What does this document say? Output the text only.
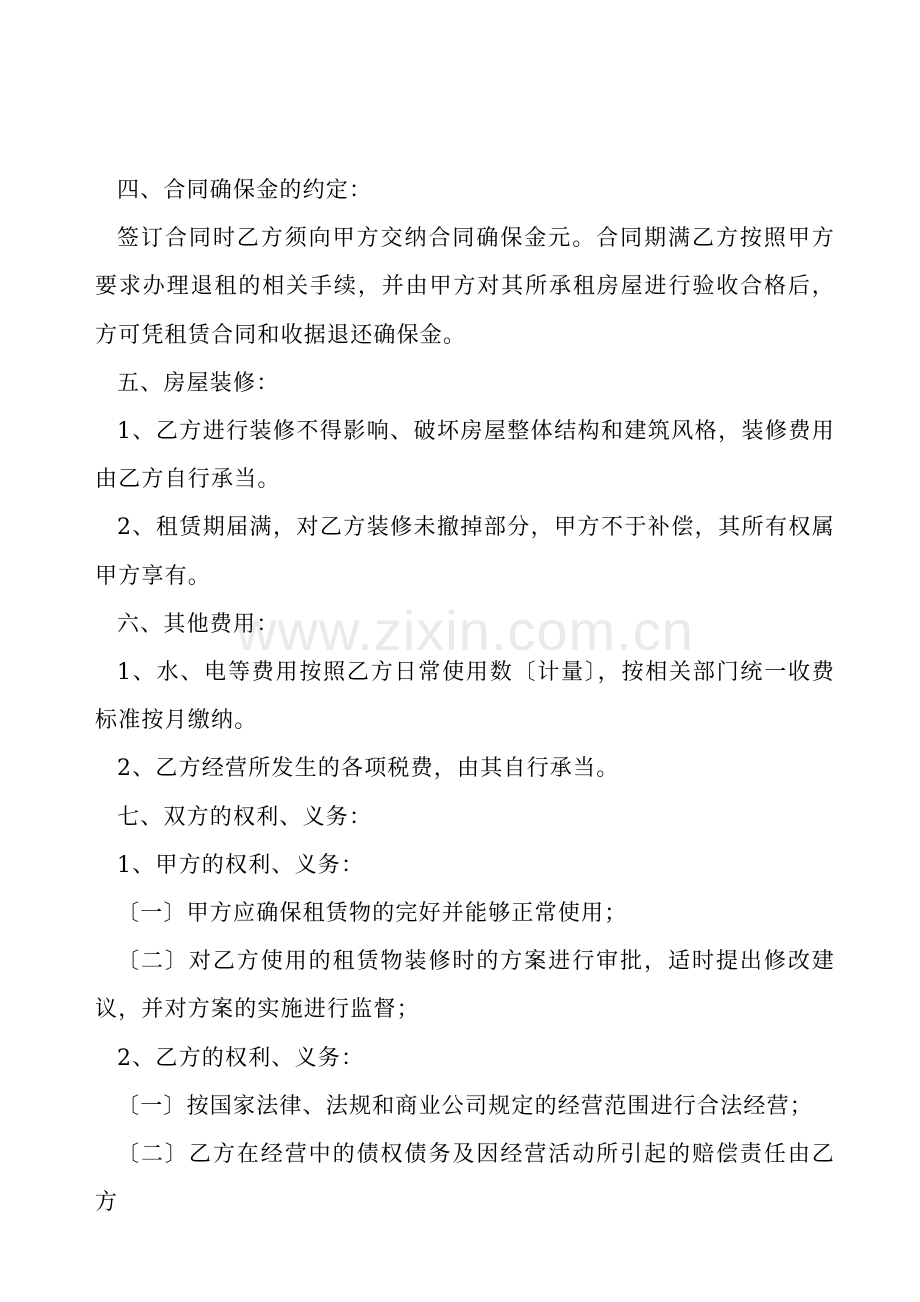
四、合同确保金的约定：

签订合同时乙方须向甲方交纳合同确保金元。合同期满乙方按照甲方要求办理退租的相关手续，并由甲方对其所承租房屋进行验收合格后，方可凭租赁合同和收据退还确保金。

五、房屋装修：

1、乙方进行装修不得影响、破坏房屋整体结构和建筑风格，装修费用由乙方自行承当。

2、租赁期届满，对乙方装修未撤掉部分，甲方不于补偿，其所有权属甲方享有。

六、其他费用：

1、水、电等费用按照乙方日常使用数〔计量〕，按相关部门统一收费标准按月缴纳。

2、乙方经营所发生的各项税费，由其自行承当。

七、双方的权利、义务：

1、甲方的权利、义务：

〔一〕甲方应确保租赁物的完好并能够正常使用；

〔二〕对乙方使用的租赁物装修时的方案进行审批，适时提出修改建议，并对方案的实施进行监督；

2、乙方的权利、义务：

〔一〕按国家法律、法规和商业公司规定的经营范围进行合法经营；

〔二〕乙方在经营中的债权债务及因经营活动所引起的赔偿责任由乙方

www.zixin.com.cn
